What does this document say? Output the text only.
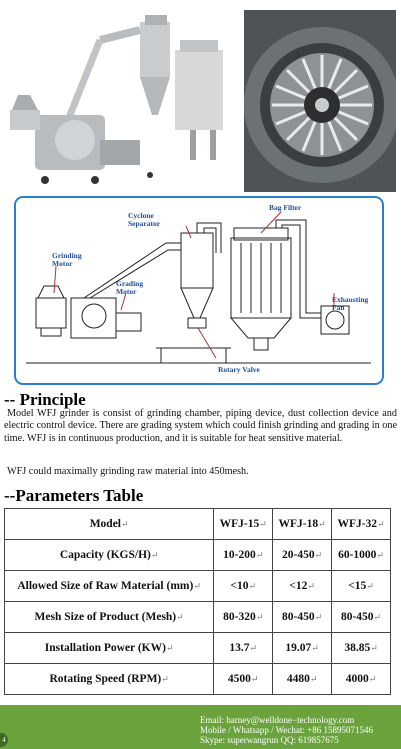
Cyclone
Separator
Bag Filter
Grinding
Motor
Grading
Motor
Exhausting
Fan
Rotary Valve
-- Principle
Model WFJ grinder is consist of grinding chamber, piping device, dust collection device and electric control device. There are grading system which could finish grinding and grading in one time. WFJ is in continuous production, and it is suitable for heat sensitive material.
WFJ could maximally grinding raw material into 450mesh.
--Parameters Table
Model↵	WFJ-15↵	WFJ-18↵	WFJ-32↵
Capacity (KGS/H)↵	10-200↵	20-450↵	60-1000↵
Allowed Size of Raw Material (mm)↵	<10↵	<12↵	<15↵
Mesh Size of Product (Mesh)↵	80-320↵	80-450↵	80-450↵
Installation Power (KW)↵	13.7↵	19.07↵	38.85↵
Rotating Speed (RPM)↵	4500↵	4480↵	4000↵
Email: barney@welldone−technology.com
Mobile / Whatsapp / Wechat: +86 15895071546
Skype: superwangrun QQ: 619857675
4
